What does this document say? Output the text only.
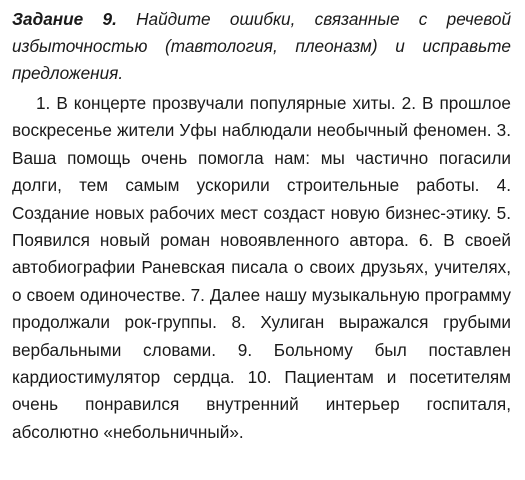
Задание 9. Найдите ошибки, связанные с речевой избыточностью (тавтология, плеоназм) и исправьте предложения.

1. В концерте прозвучали популярные хиты. 2. В прошлое воскресенье жители Уфы наблюдали необычный феномен. 3. Ваша помощь очень помогла нам: мы частично погасили долги, тем самым ускорили строительные работы. 4. Создание новых рабочих мест создаст новую бизнес-этику. 5. Появился новый роман новоявленного автора. 6. В своей автобиографии Раневская писала о своих друзьях, учителях, о своем одиночестве. 7. Далее нашу музыкальную программу продолжали рок-группы. 8. Хулиган выражался грубыми вербальными словами. 9. Больному был поставлен кардиостимулятор сердца. 10. Пациентам и посетителям очень понравился внутренний интерьер госпиталя, абсолютно «небольничный».
